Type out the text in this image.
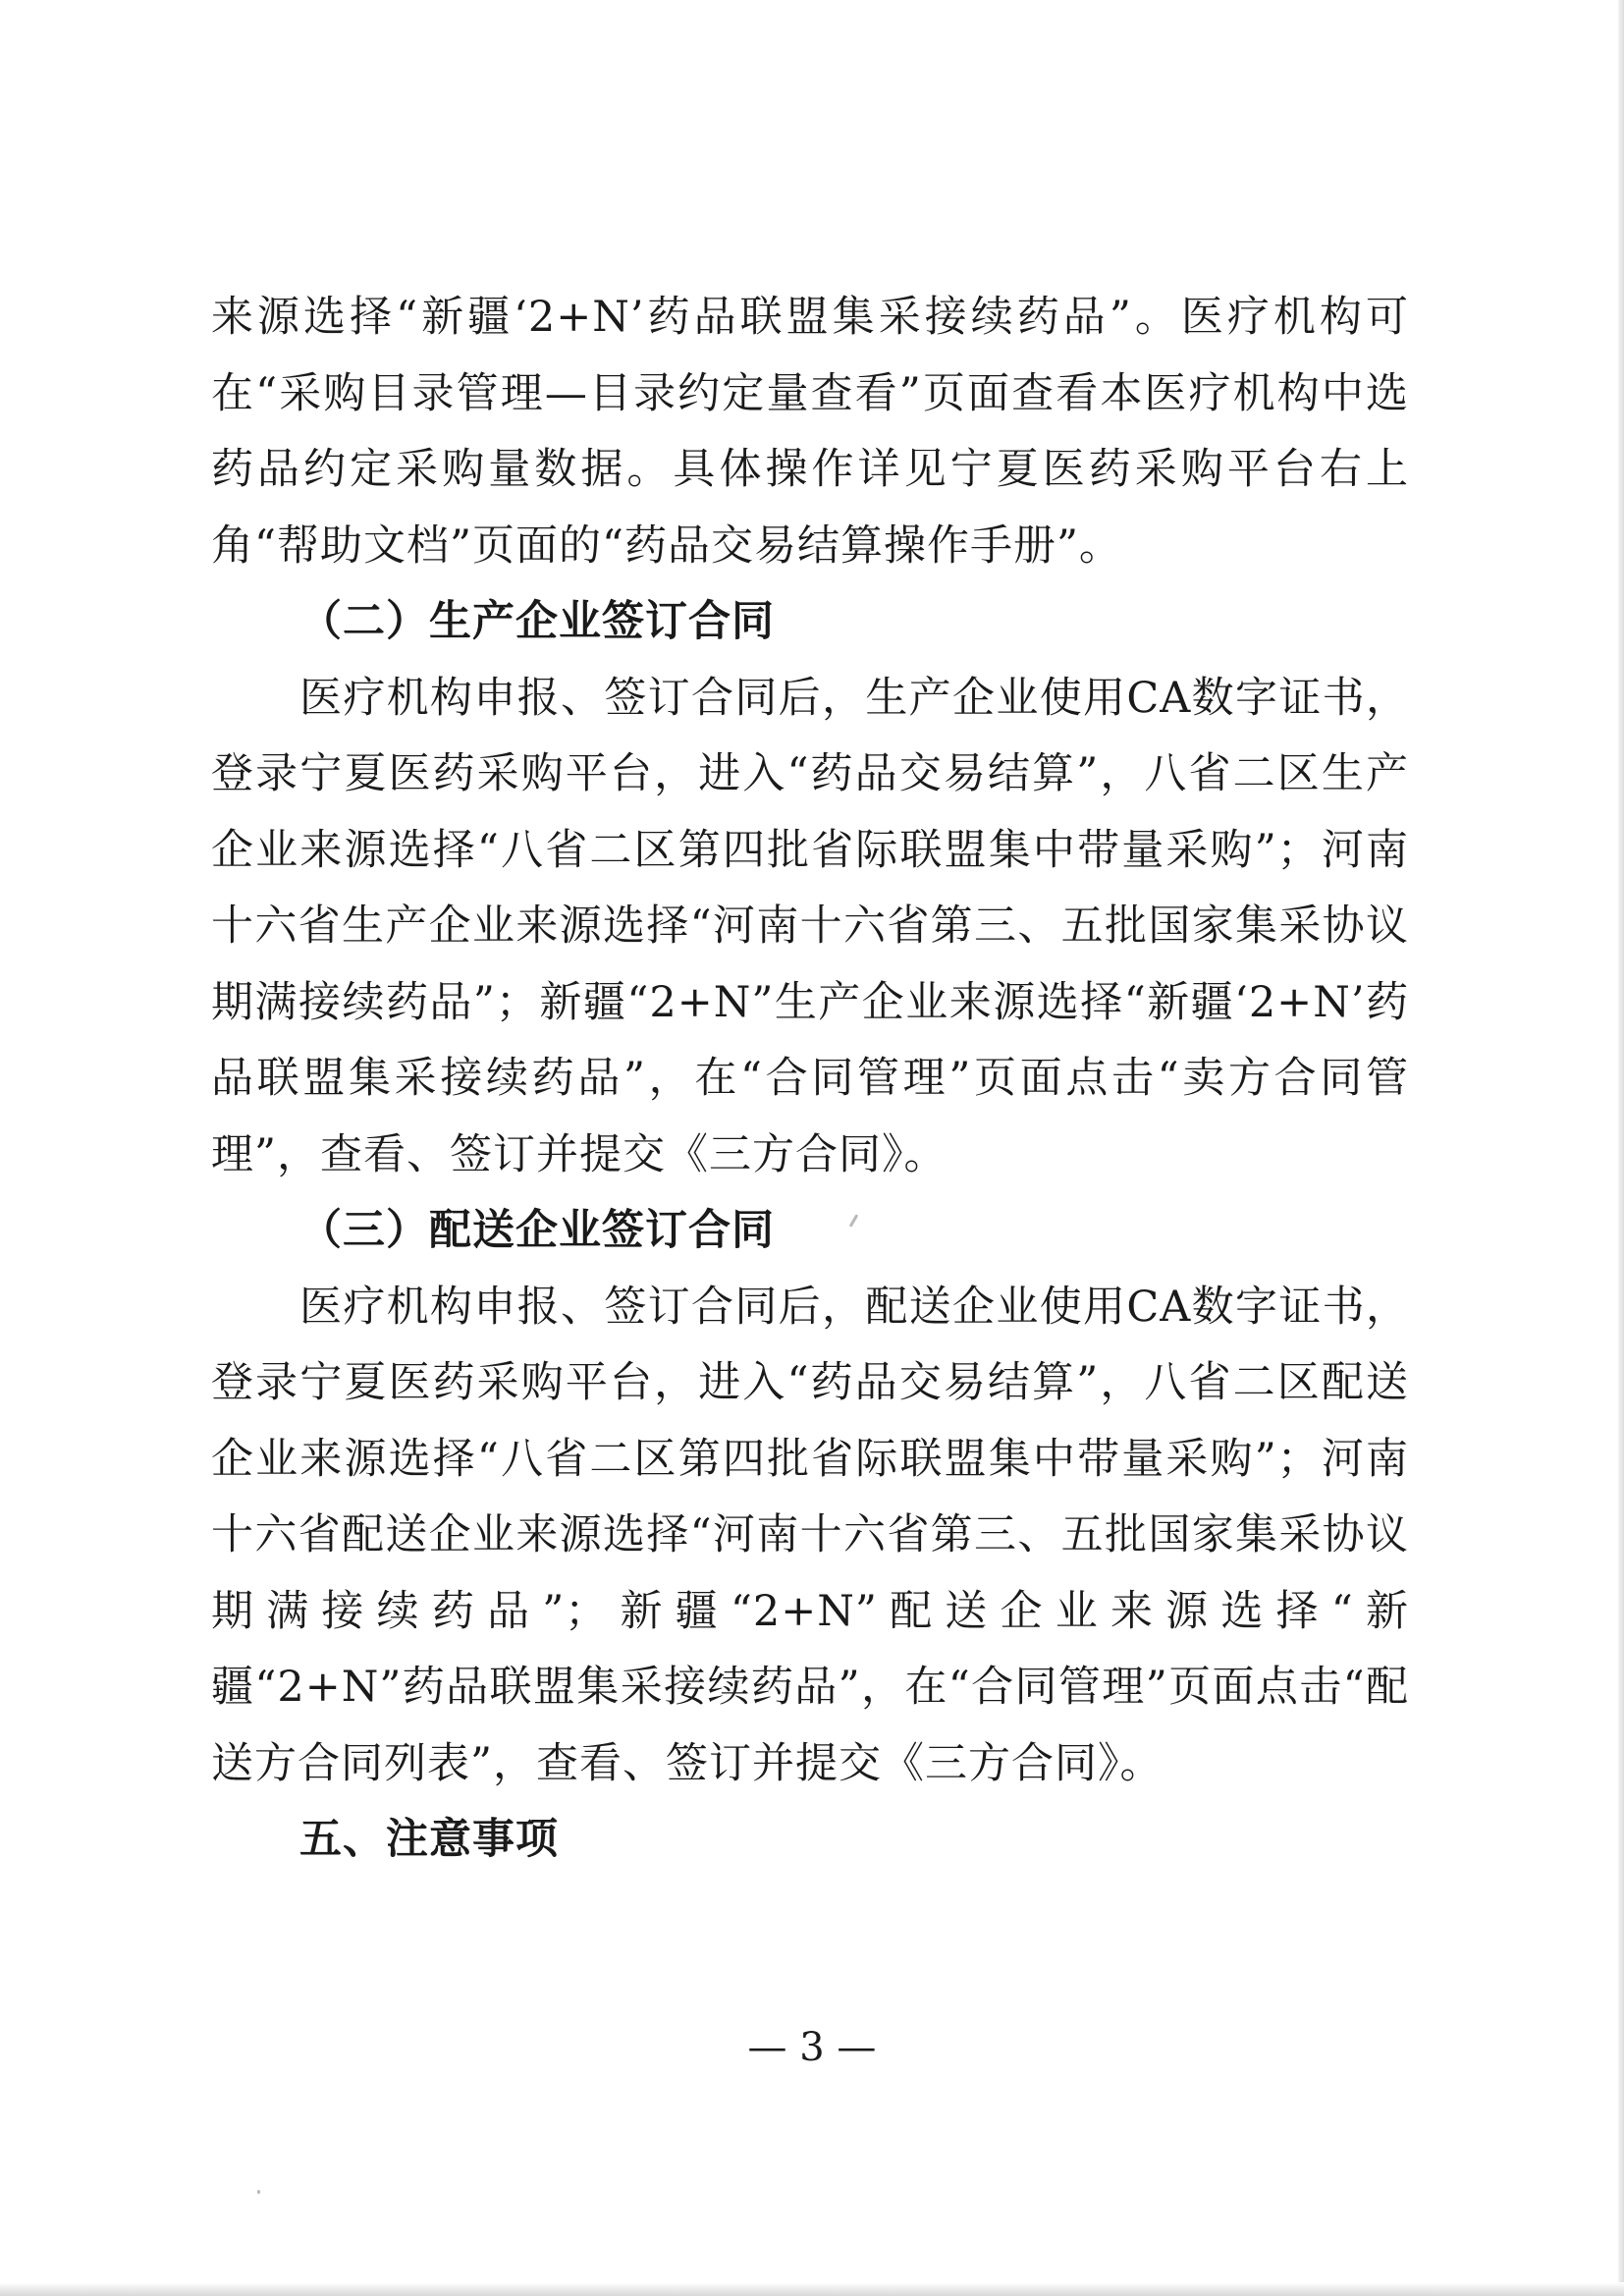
来源选择“新疆‘2+N’药品联盟集采接续药品”。医疗机构可在“采购目录管理—目录约定量查看”页面查看本医疗机构中选药品约定采购量数据。具体操作详见宁夏医药采购平台右上角“帮助文档”页面的“药品交易结算操作手册”。

（二）生产企业签订合同

医疗机构申报、签订合同后，生产企业使用CA数字证书，登录宁夏医药采购平台，进入“药品交易结算”，八省二区生产企业来源选择“八省二区第四批省际联盟集中带量采购”；河南十六省生产企业来源选择“河南十六省第三、五批国家集采协议期满接续药品”；新疆“2+N”生产企业来源选择“新疆‘2+N’药品联盟集采接续药品”，在“合同管理”页面点击“卖方合同管理”，查看、签订并提交《三方合同》。

（三）配送企业签订合同

医疗机构申报、签订合同后，配送企业使用CA数字证书，登录宁夏医药采购平台，进入“药品交易结算”，八省二区配送企业来源选择“八省二区第四批省际联盟集中带量采购”；河南十六省配送企业来源选择“河南十六省第三、五批国家集采协议期满接续药品”；新疆“2+N”配送企业来源选择“新疆“2+N”药品联盟集采接续药品”，在“合同管理”页面点击“配送方合同列表”，查看、签订并提交《三方合同》。

五、注意事项

— 3 —
